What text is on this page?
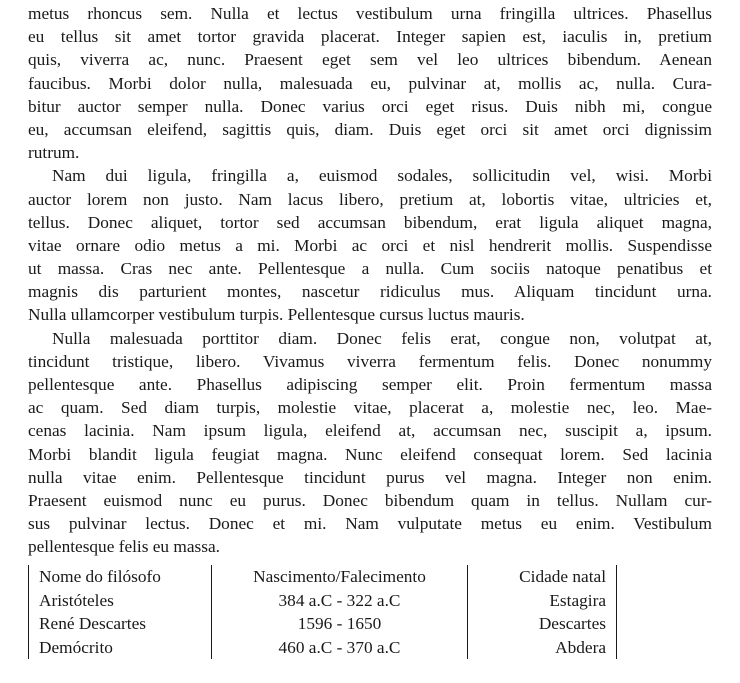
metus rhoncus sem. Nulla et lectus vestibulum urna fringilla ultrices. Phasellus
eu tellus sit amet tortor gravida placerat. Integer sapien est, iaculis in, pretium
quis, viverra ac, nunc. Praesent eget sem vel leo ultrices bibendum. Aenean
faucibus. Morbi dolor nulla, malesuada eu, pulvinar at, mollis ac, nulla. Cura-
bitur auctor semper nulla. Donec varius orci eget risus. Duis nibh mi, congue
eu, accumsan eleifend, sagittis quis, diam. Duis eget orci sit amet orci dignissim
rutrum.
Nam dui ligula, fringilla a, euismod sodales, sollicitudin vel, wisi. Morbi
auctor lorem non justo. Nam lacus libero, pretium at, lobortis vitae, ultricies et,
tellus. Donec aliquet, tortor sed accumsan bibendum, erat ligula aliquet magna,
vitae ornare odio metus a mi. Morbi ac orci et nisl hendrerit mollis. Suspendisse
ut massa. Cras nec ante. Pellentesque a nulla. Cum sociis natoque penatibus et
magnis dis parturient montes, nascetur ridiculus mus. Aliquam tincidunt urna.
Nulla ullamcorper vestibulum turpis. Pellentesque cursus luctus mauris.
Nulla malesuada porttitor diam. Donec felis erat, congue non, volutpat at,
tincidunt tristique, libero. Vivamus viverra fermentum felis. Donec nonummy
pellentesque ante. Phasellus adipiscing semper elit. Proin fermentum massa
ac quam. Sed diam turpis, molestie vitae, placerat a, molestie nec, leo. Mae-
cenas lacinia. Nam ipsum ligula, eleifend at, accumsan nec, suscipit a, ipsum.
Morbi blandit ligula feugiat magna. Nunc eleifend consequat lorem. Sed lacinia
nulla vitae enim. Pellentesque tincidunt purus vel magna. Integer non enim.
Praesent euismod nunc eu purus. Donec bibendum quam in tellus. Nullam cur-
sus pulvinar lectus. Donec et mi. Nam vulputate metus eu enim. Vestibulum
pellentesque felis eu massa.
Nome do filósofo	Nascimento/Falecimento	Cidade natal
Aristóteles	384 a.C - 322 a.C	Estagira
René Descartes	1596 - 1650	Descartes
Demócrito	460 a.C - 370 a.C	Abdera
